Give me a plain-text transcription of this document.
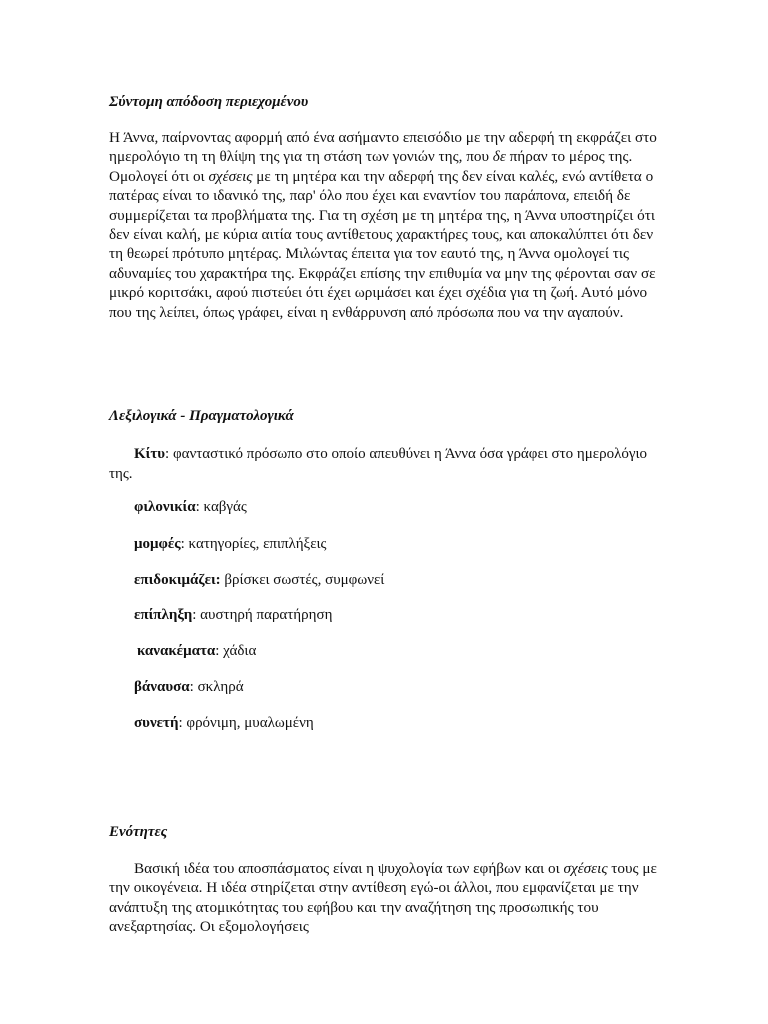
Σύντομη απόδοση περιεχομένου

Η Άννα, παίρνοντας αφορμή από ένα ασήμαντο επεισόδιο με την αδερφή τη εκφράζει στο ημερολόγιο τη τη θλίψη της για τη στάση των γονιών της, που δε πήραν το μέρος της. Ομολογεί ότι οι σχέσεις με τη μητέρα και την αδερφή της δεν είναι καλές, ενώ αντίθετα ο πατέρας είναι το ιδανικό της, παρ' όλο που έχει και εναντίον του παράπονα, επειδή δε συμμερίζεται τα προβλήματα της. Για τη σχέση με τη μητέρα της, η Άννα υποστηρίζει ότι δεν είναι καλή, με κύρια αιτία τους αντίθετους χαρακτήρες τους, και αποκαλύπτει ότι δεν τη θεωρεί πρότυπο μητέρας. Μιλώντας έπειτα για τον εαυτό της, η Άννα ομολογεί τις αδυναμίες του χαρακτήρα της. Εκφράζει επίσης την επιθυμία να μην της φέρονται σαν σε μικρό κοριτσάκι, αφού πιστεύει ότι έχει ωριμάσει και έχει σχέδια για τη ζωή. Αυτό μόνο που της λείπει, όπως γράφει, είναι η ενθάρρυνση από πρόσωπα που να την αγαπούν.

Λεξιλογικά - Πραγματολογικά

Κίτυ: φανταστικό πρόσωπο στο οποίο απευθύνει η Άννα όσα γράφει στο ημερολόγιο της.

φιλονικία: καβγάς

μομφές: κατηγορίες, επιπλήξεις

επιδοκιμάζει: βρίσκει σωστές, συμφωνεί

επίπληξη: αυστηρή παρατήρηση

κανακέματα: χάδια

βάναυσα: σκληρά

συνετή: φρόνιμη, μυαλωμένη

Ενότητες

Βασική ιδέα του αποσπάσματος είναι η ψυχολογία των εφήβων και οι σχέσεις τους με την οικογένεια. Η ιδέα στηρίζεται στην αντίθεση εγώ-οι άλλοι, που εμφανίζεται με την ανάπτυξη της ατομικότητας του εφήβου και την αναζήτηση της προσωπικής του ανεξαρτησίας. Οι εξομολογήσεις
